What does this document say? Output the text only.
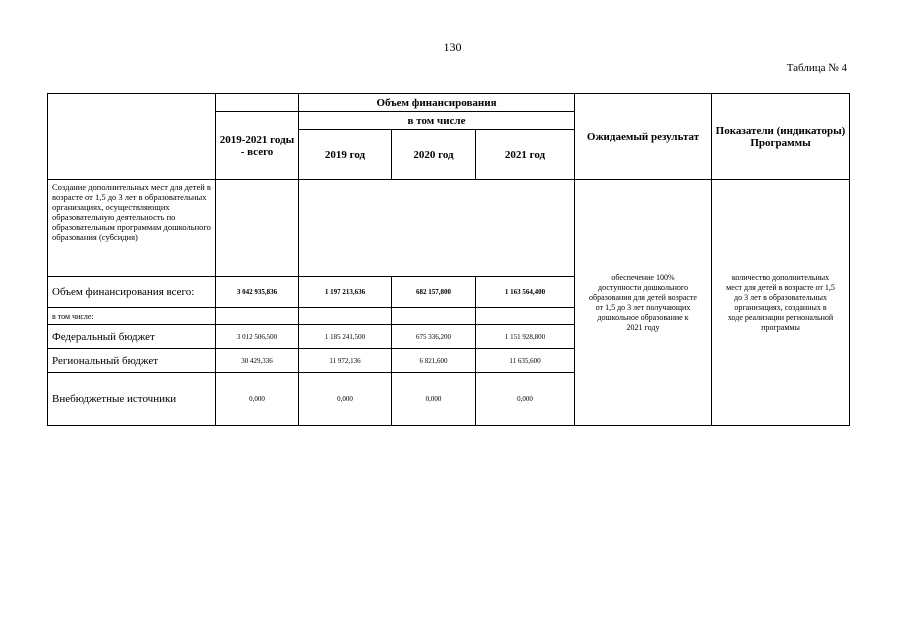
130
Таблица № 4
		Объем финансирования			Ожидаемый результат	Показатели (индикаторы) Программы
	2019-2021 годы - всего	в том числе				
		2019 год	2020 год	2021 год		
Создание дополнительных мест для детей в возрасте от 1,5 до 3 лет в образовательных организациях, осуществляющих образовательную деятельность по образовательным программам дошкольного образования (субсидия)					обеспечение 100% доступности дошкольного образования для детей возрасте от 1,5 до 3 лет получающих дошкольное образование к 2021 году	количество дополнительных мест для детей в возрасте от 1,5 до 3 лет в образовательных организациях, созданных в ходе реализации региональной программы
Объем финансирования всего:	3 042 935,836	1 197 213,636	682 157,800	1 163 564,400		
в том числе:						
Федеральный бюджет	3 012 506,500	1 185 241,500	675 336,200	1 151 928,800		
Региональный бюджет	30 429,336	11 972,136	6 821,600	11 635,600		
Внебюджетные источники	0,000	0,000	0,000	0,000		
